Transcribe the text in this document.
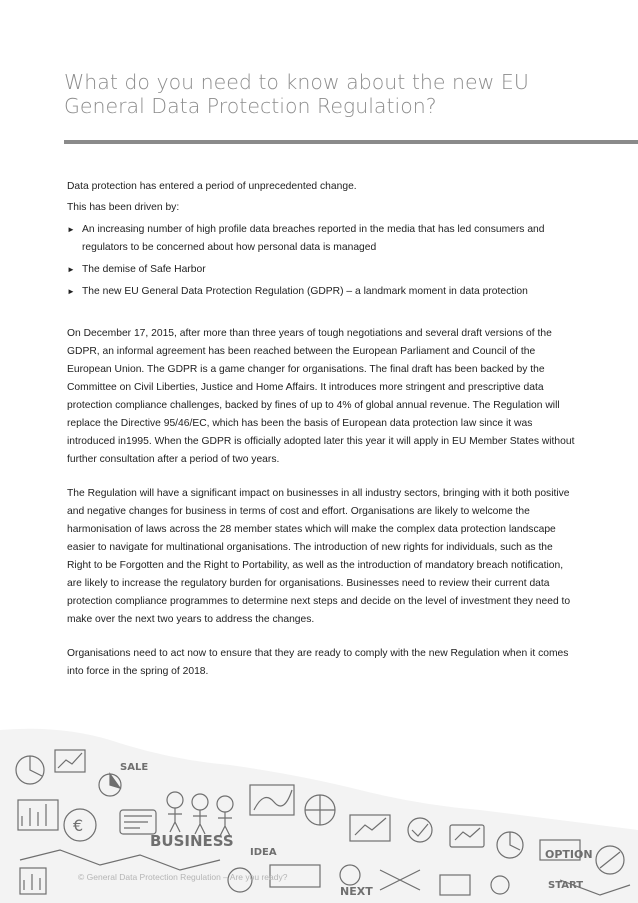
What do you need to know about the new EU
General Data Protection Regulation?

Data protection has entered a period of unprecedented change.

This has been driven by:

► An increasing number of high profile data breaches reported in the media that has led consumers and regulators to be concerned about how personal data is managed
► The demise of Safe Harbor
► The new EU General Data Protection Regulation (GDPR) – a landmark moment in data protection

On December 17, 2015, after more than three years of tough negotiations and several draft versions of the GDPR, an informal agreement has been reached between the European Parliament and Council of the European Union. The GDPR is a game changer for organisations. The final draft has been backed by the Committee on Civil Liberties, Justice and Home Affairs. It introduces more stringent and prescriptive data protection compliance challenges, backed by fines of up to 4% of global annual revenue. The Regulation will replace the Directive 95/46/EC, which has been the basis of European data protection law since it was introduced in1995. When the GDPR is officially adopted later this year it will apply in EU Member States without further consultation after a period of two years.

The Regulation will have a significant impact on businesses in all industry sectors, bringing with it both positive and negative changes for business in terms of cost and effort. Organisations are likely to welcome the harmonisation of laws across the 28 member states which will make the complex data protection landscape easier to navigate for multinational organisations. The introduction of new rights for individuals, such as the Right to be Forgotten and the Right to Portability, as well as the introduction of mandatory breach notification, are likely to increase the regulatory burden for organisations. Businesses need to review their current data protection compliance programmes to determine next steps and decide on the level of investment they need to make over the next two years to address the changes.

Organisations need to act now to ensure that they are ready to comply with the new Regulation when it comes into force in the spring of 2018.

€
BUSINESS
IDEA	OPTION
START
NEXT
SALE
© General Data Protection Regulation – Are you ready?
